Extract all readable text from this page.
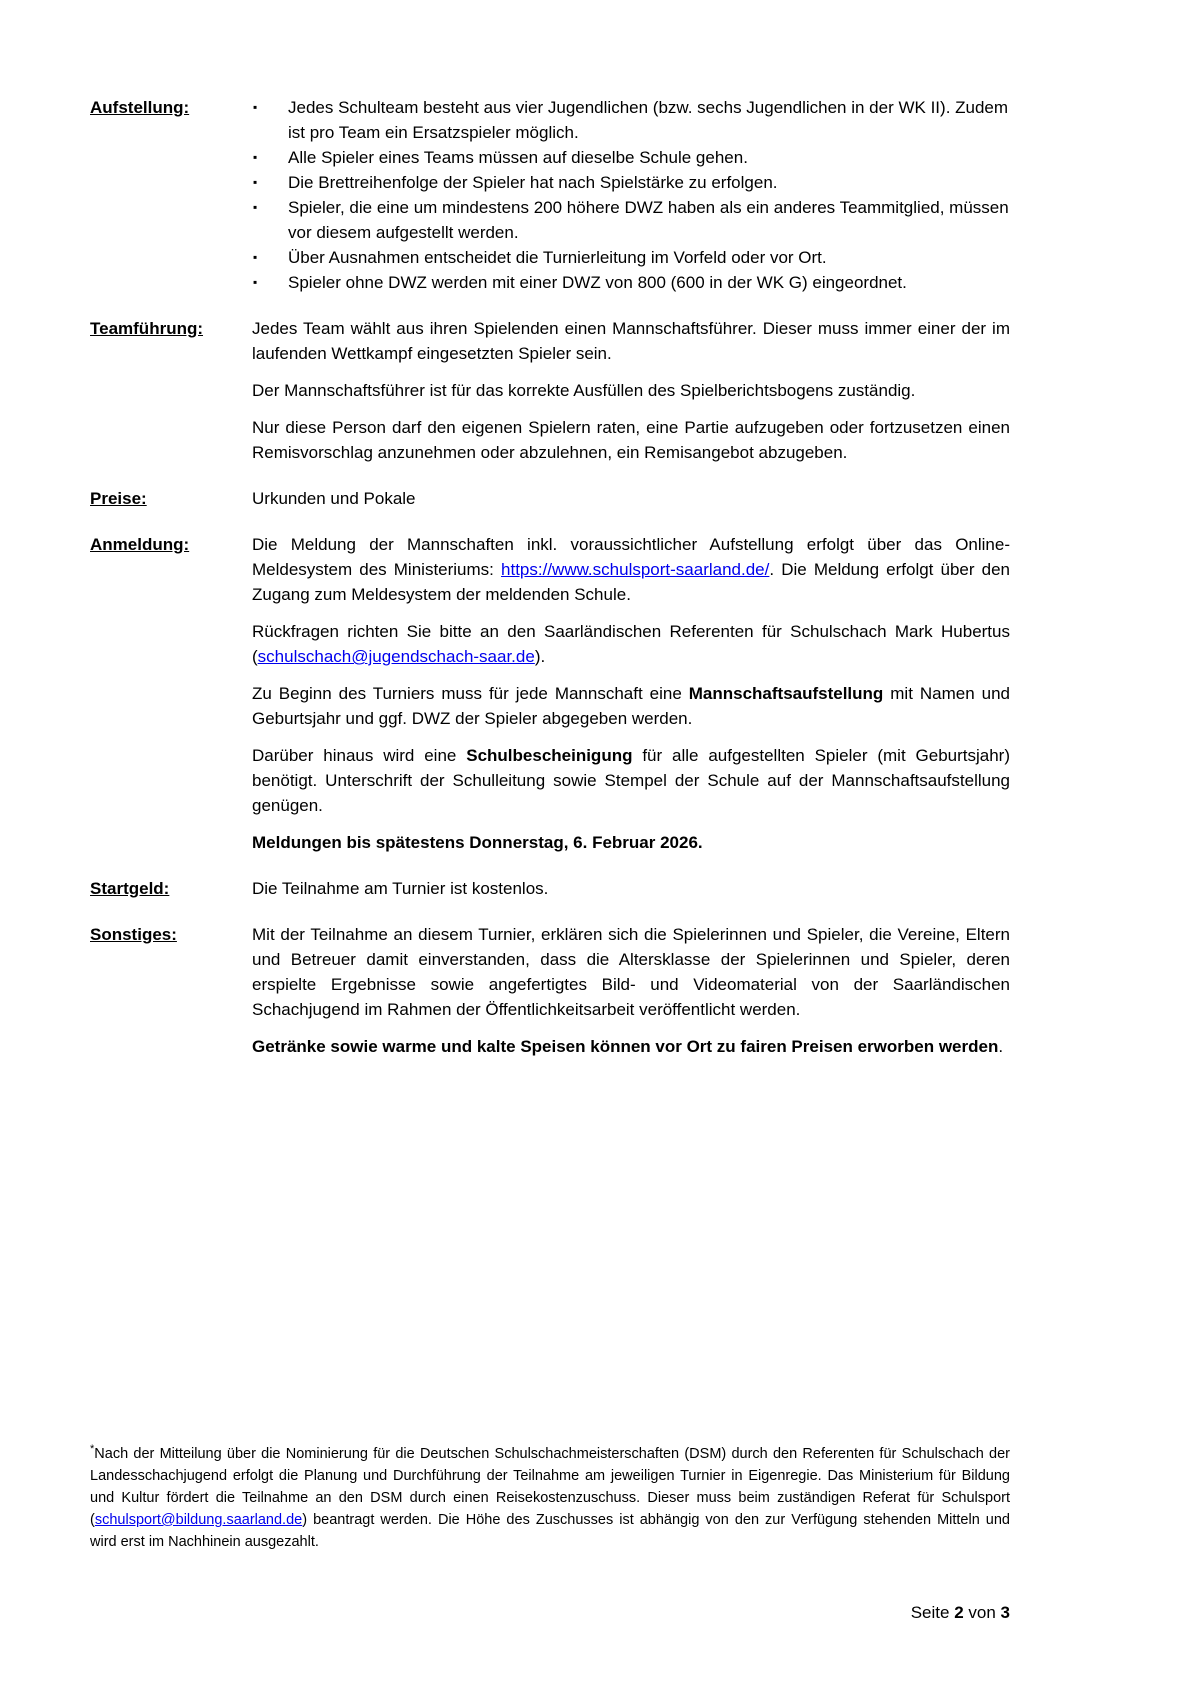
Aufstellung:	▪ Jedes Schulteam besteht aus vier Jugendlichen (bzw. sechs Jugendlichen in der WK II). Zudem ist pro Team ein Ersatzspieler möglich.
▪ Alle Spieler eines Teams müssen auf dieselbe Schule gehen.
▪ Die Brettreihenfolge der Spieler hat nach Spielstärke zu erfolgen.
▪ Spieler, die eine um mindestens 200 höhere DWZ haben als ein anderes Teammitglied, müssen vor diesem aufgestellt werden.
▪ Über Ausnahmen entscheidet die Turnierleitung im Vorfeld oder vor Ort.
▪ Spieler ohne DWZ werden mit einer DWZ von 800 (600 in der WK G) eingeordnet.
Teamführung:	Jedes Team wählt aus ihren Spielenden einen Mannschaftsführer. Dieser muss immer einer der im laufenden Wettkampf eingesetzten Spieler sein.

Der Mannschaftsführer ist für das korrekte Ausfüllen des Spielberichtsbogens zuständig.

Nur diese Person darf den eigenen Spielern raten, eine Partie aufzugeben oder fortzusetzen einen Remisvorschlag anzunehmen oder abzulehnen, ein Remisangebot abzugeben.

Preise:	Urkunden und Pokale

Anmeldung:	Die Meldung der Mannschaften inkl. voraussichtlicher Aufstellung erfolgt über das Online-Meldesystem des Ministeriums: https://www.schulsport-saarland.de/. Die Meldung erfolgt über den Zugang zum Meldesystem der meldenden Schule.

Rückfragen richten Sie bitte an den Saarländischen Referenten für Schulschach Mark Hubertus (schulschach@jugendschach-saar.de).

Zu Beginn des Turniers muss für jede Mannschaft eine Mannschaftsaufstellung mit Namen und Geburtsjahr und ggf. DWZ der Spieler abgegeben werden.

Darüber hinaus wird eine Schulbescheinigung für alle aufgestellten Spieler (mit Geburtsjahr) benötigt. Unterschrift der Schulleitung sowie Stempel der Schule auf der Mannschaftsaufstellung genügen.

Meldungen bis spätestens Donnerstag, 6. Februar 2026.

Startgeld:	Die Teilnahme am Turnier ist kostenlos.

Sonstiges:	Mit der Teilnahme an diesem Turnier, erklären sich die Spielerinnen und Spieler, die Vereine, Eltern und Betreuer damit einverstanden, dass die Altersklasse der Spielerinnen und Spieler, deren erspielte Ergebnisse sowie angefertigtes Bild- und Videomaterial von der Saarländischen Schachjugend im Rahmen der Öffentlichkeitsarbeit veröffentlicht werden.

Getränke sowie warme und kalte Speisen können vor Ort zu fairen Preisen erworben werden.

*Nach der Mitteilung über die Nominierung für die Deutschen Schulschachmeisterschaften (DSM) durch den Referenten für Schulschach der Landesschachjugend erfolgt die Planung und Durchführung der Teilnahme am jeweiligen Turnier in Eigenregie. Das Ministerium für Bildung und Kultur fördert die Teilnahme an den DSM durch einen Reisekostenzuschuss. Dieser muss beim zuständigen Referat für Schulsport (schulsport@bildung.saarland.de) beantragt werden. Die Höhe des Zuschusses ist abhängig von den zur Verfügung stehenden Mitteln und wird erst im Nachhinein ausgezahlt.
Seite 2 von 3
